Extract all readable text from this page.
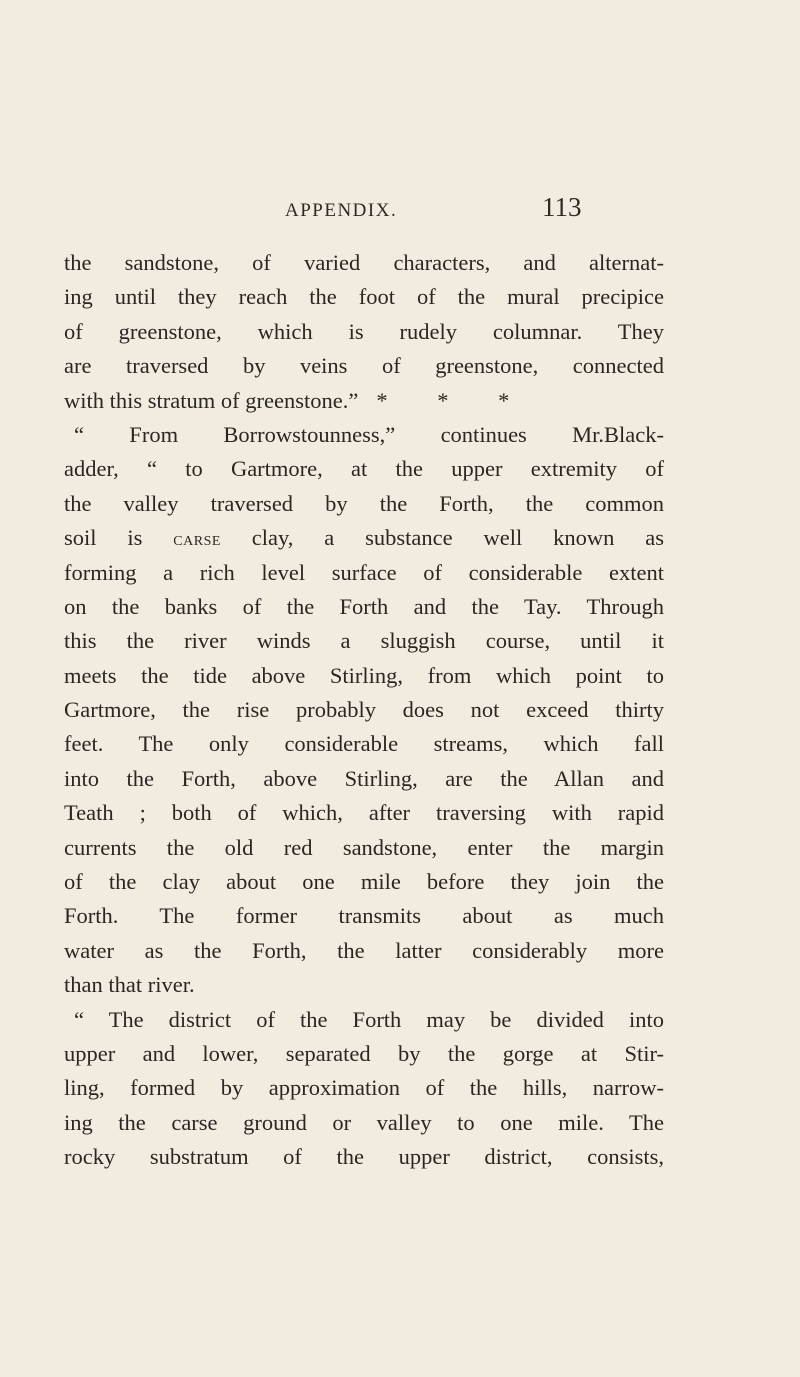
APPENDIX.	113
the sandstone, of varied characters, and alternat-
ing until they reach the foot of the mural precipice
of greenstone, which is rudely columnar. They
are traversed by veins of greenstone, connected
with this stratum of greenstone.” * * *
“ From Borrowstounness,” continues Mr.Black-
adder, “ to Gartmore, at the upper extremity of
the valley traversed by the Forth, the common
soil is carse clay, a substance well known as
forming a rich level surface of considerable extent
on the banks of the Forth and the Tay. Through
this the river winds a sluggish course, until it
meets the tide above Stirling, from which point to
Gartmore, the rise probably does not exceed thirty
feet. The only considerable streams, which fall
into the Forth, above Stirling, are the Allan and
Teath ; both of which, after traversing with rapid
currents the old red sandstone, enter the margin
of the clay about one mile before they join the
Forth. The former transmits about as much
water as the Forth, the latter considerably more
than that river.
“ The district of the Forth may be divided into
upper and lower, separated by the gorge at Stir-
ling, formed by approximation of the hills, narrow-
ing the carse ground or valley to one mile. The
rocky substratum of the upper district, consists,
